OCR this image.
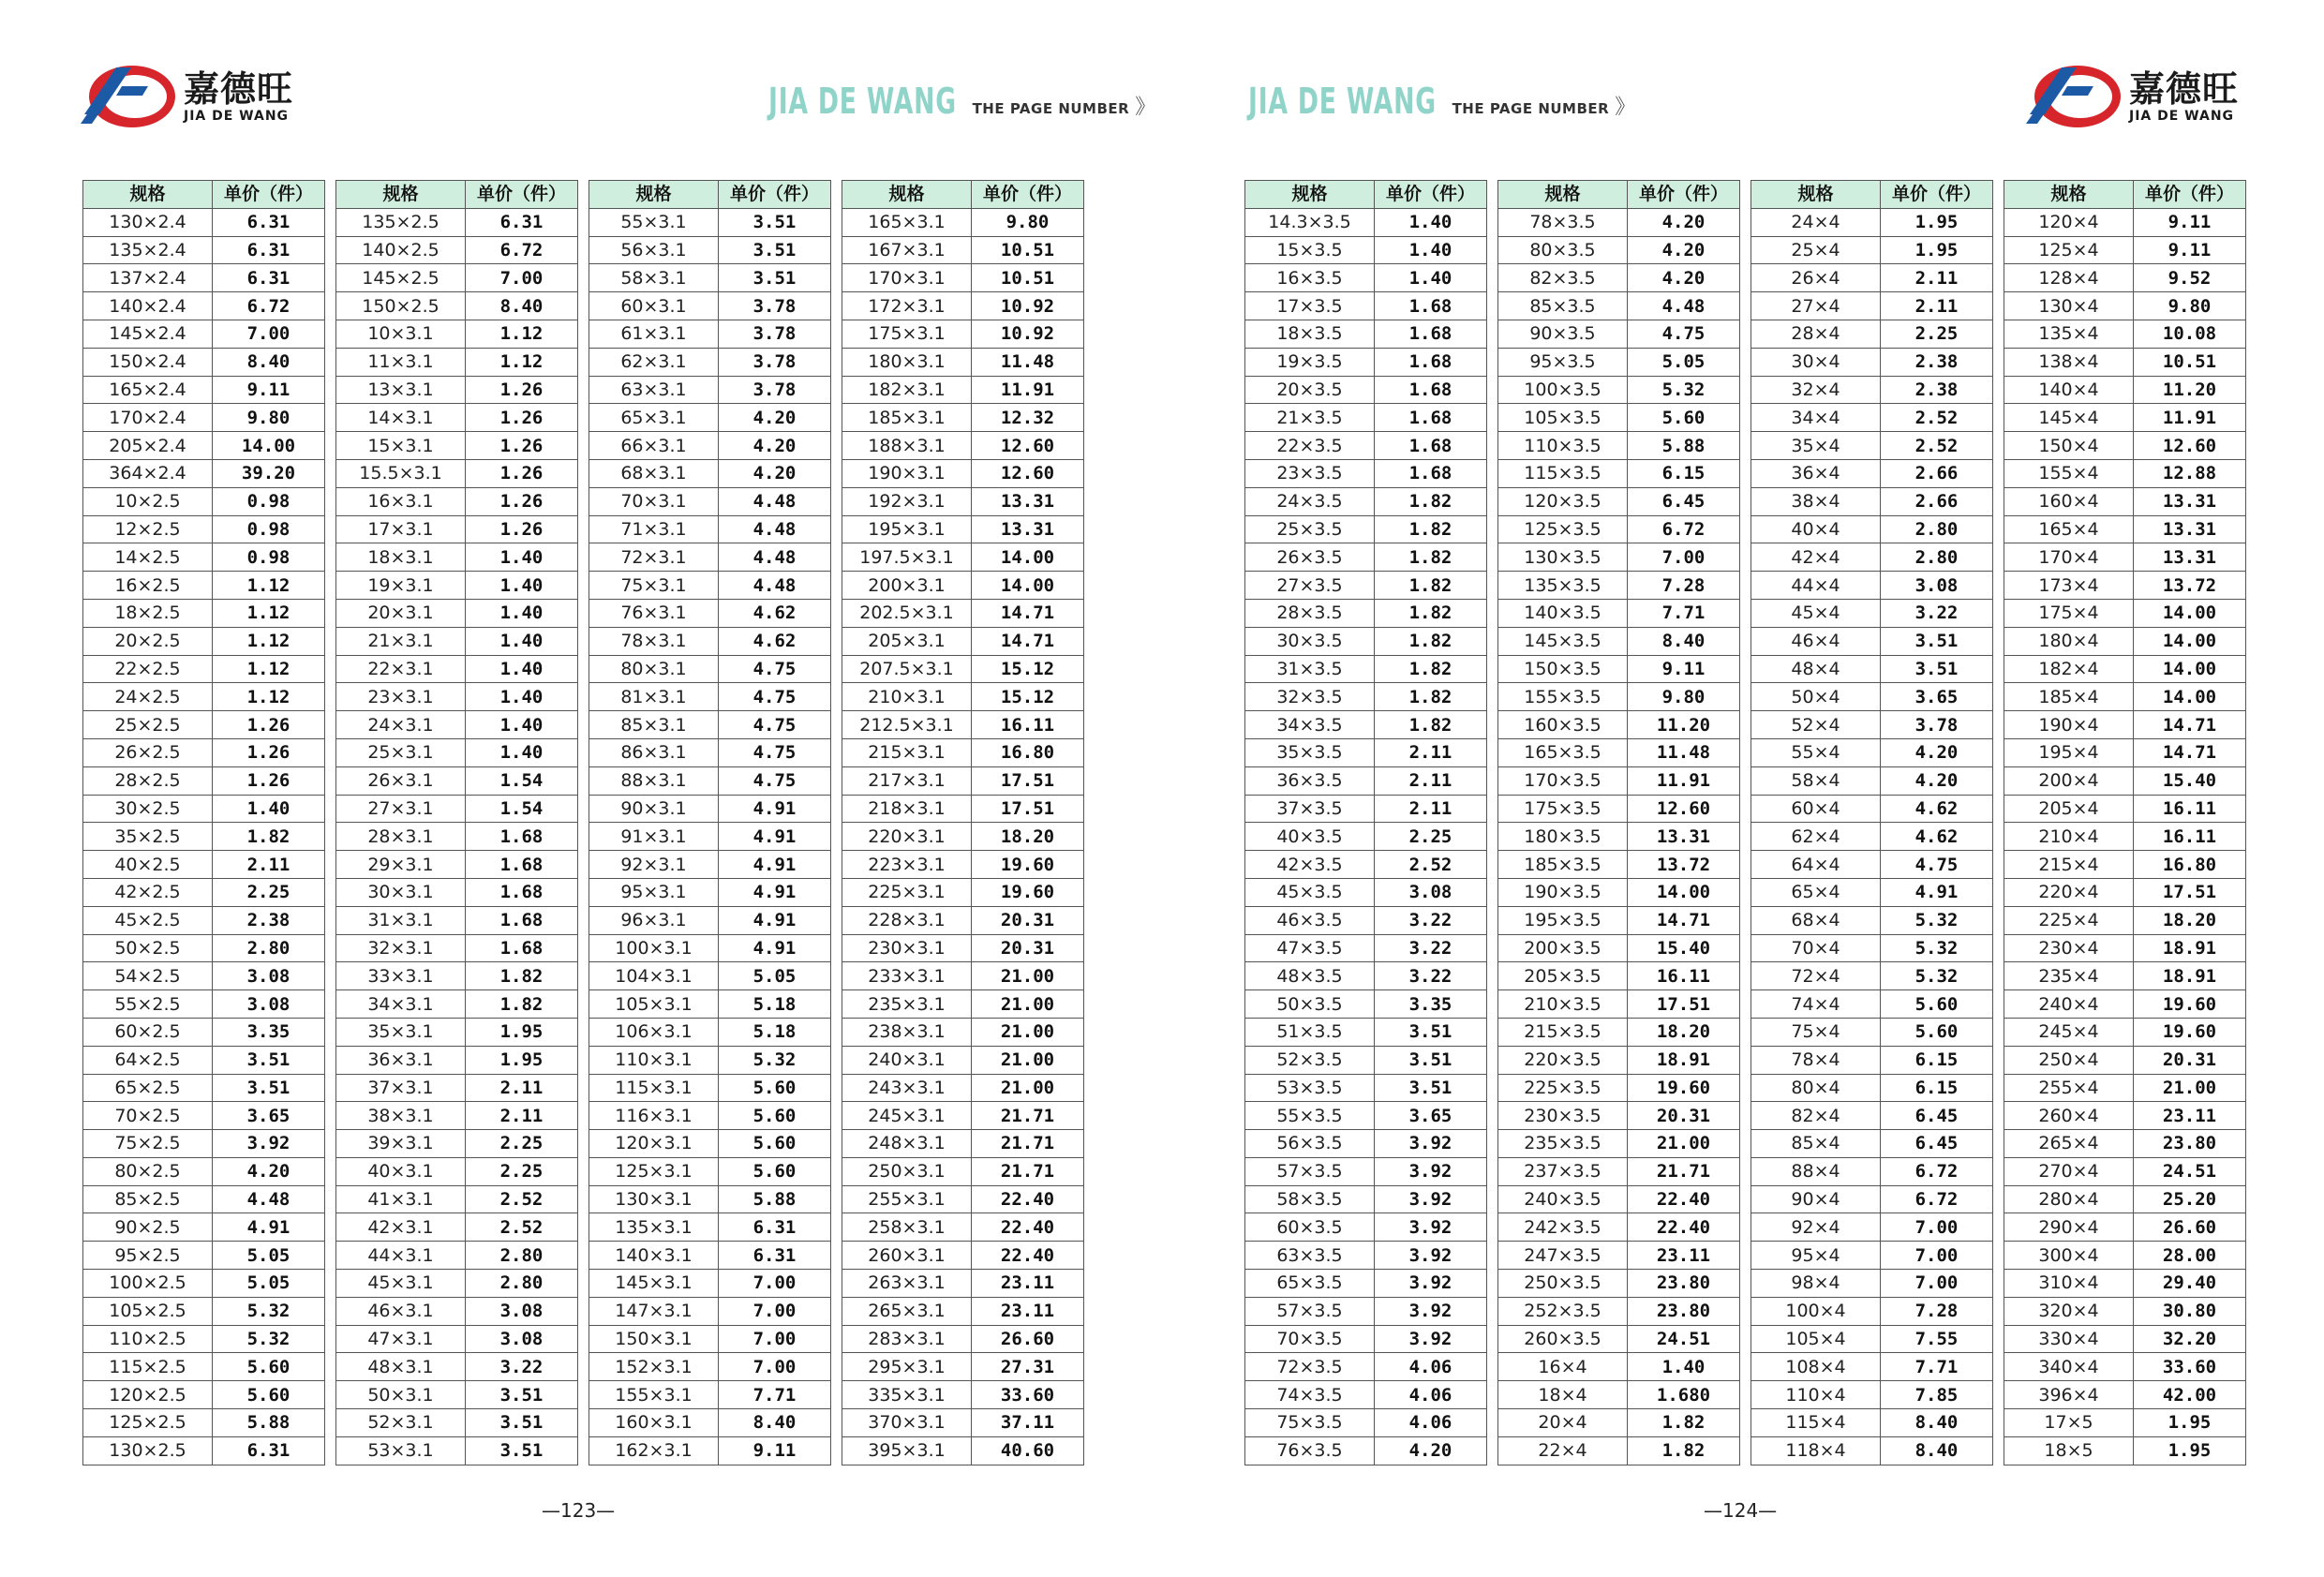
嘉德旺
JIA DE WANG	JIA DE WANG THE PAGE NUMBER 》
规格	单价（件）
130×2.4	6.31
135×2.4	6.31
137×2.4	6.31
140×2.4	6.72
145×2.4	7.00
150×2.4	8.40
165×2.4	9.11
170×2.4	9.80
205×2.4	14.00
364×2.4	39.20
10×2.5	0.98
12×2.5	0.98
14×2.5	0.98
16×2.5	1.12
18×2.5	1.12
20×2.5	1.12
22×2.5	1.12
24×2.5	1.12
25×2.5	1.26
26×2.5	1.26
28×2.5	1.26
30×2.5	1.40
35×2.5	1.82
40×2.5	2.11
42×2.5	2.25
45×2.5	2.38
50×2.5	2.80
54×2.5	3.08
55×2.5	3.08
60×2.5	3.35
64×2.5	3.51
65×2.5	3.51
70×2.5	3.65
75×2.5	3.92
80×2.5	4.20
85×2.5	4.48
90×2.5	4.91
95×2.5	5.05
100×2.5	5.05
105×2.5	5.32
110×2.5	5.32
115×2.5	5.60
120×2.5	5.60
125×2.5	5.88
130×2.5	6.31
规格	单价（件）
135×2.5	6.31
140×2.5	6.72
145×2.5	7.00
150×2.5	8.40
10×3.1	1.12
11×3.1	1.12
13×3.1	1.26
14×3.1	1.26
15×3.1	1.26
15.5×3.1	1.26
16×3.1	1.26
17×3.1	1.26
18×3.1	1.40
19×3.1	1.40
20×3.1	1.40
21×3.1	1.40
22×3.1	1.40
23×3.1	1.40
24×3.1	1.40
25×3.1	1.40
26×3.1	1.54
27×3.1	1.54
28×3.1	1.68
29×3.1	1.68
30×3.1	1.68
31×3.1	1.68
32×3.1	1.68
33×3.1	1.82
34×3.1	1.82
35×3.1	1.95
36×3.1	1.95
37×3.1	2.11
38×3.1	2.11
39×3.1	2.25
40×3.1	2.25
41×3.1	2.52
42×3.1	2.52
44×3.1	2.80
45×3.1	2.80
46×3.1	3.08
47×3.1	3.08
48×3.1	3.22
50×3.1	3.51
52×3.1	3.51
53×3.1	3.51
规格	单价（件）
55×3.1	3.51
56×3.1	3.51
58×3.1	3.51
60×3.1	3.78
61×3.1	3.78
62×3.1	3.78
63×3.1	3.78
65×3.1	4.20
66×3.1	4.20
68×3.1	4.20
70×3.1	4.48
71×3.1	4.48
72×3.1	4.48
75×3.1	4.48
76×3.1	4.62
78×3.1	4.62
80×3.1	4.75
81×3.1	4.75
85×3.1	4.75
86×3.1	4.75
88×3.1	4.75
90×3.1	4.91
91×3.1	4.91
92×3.1	4.91
95×3.1	4.91
96×3.1	4.91
100×3.1	4.91
104×3.1	5.05
105×3.1	5.18
106×3.1	5.18
110×3.1	5.32
115×3.1	5.60
116×3.1	5.60
120×3.1	5.60
125×3.1	5.60
130×3.1	5.88
135×3.1	6.31
140×3.1	6.31
145×3.1	7.00
147×3.1	7.00
150×3.1	7.00
152×3.1	7.00
155×3.1	7.71
160×3.1	8.40
162×3.1	9.11
规格	单价（件）
165×3.1	9.80
167×3.1	10.51
170×3.1	10.51
172×3.1	10.92
175×3.1	10.92
180×3.1	11.48
182×3.1	11.91
185×3.1	12.32
188×3.1	12.60
190×3.1	12.60
192×3.1	13.31
195×3.1	13.31
197.5×3.1	14.00
200×3.1	14.00
202.5×3.1	14.71
205×3.1	14.71
207.5×3.1	15.12
210×3.1	15.12
212.5×3.1	16.11
215×3.1	16.80
217×3.1	17.51
218×3.1	17.51
220×3.1	18.20
223×3.1	19.60
225×3.1	19.60
228×3.1	20.31
230×3.1	20.31
233×3.1	21.00
235×3.1	21.00
238×3.1	21.00
240×3.1	21.00
243×3.1	21.00
245×3.1	21.71
248×3.1	21.71
250×3.1	21.71
255×3.1	22.40
258×3.1	22.40
260×3.1	22.40
263×3.1	23.11
265×3.1	23.11
283×3.1	26.60
295×3.1	27.31
335×3.1	33.60
370×3.1	37.11
395×3.1	40.60
—123—
JIA DE WANG THE PAGE NUMBER 》	嘉德旺
JIA DE WANG
规格	单价（件）
14.3×3.5	1.40
15×3.5	1.40
16×3.5	1.40
17×3.5	1.68
18×3.5	1.68
19×3.5	1.68
20×3.5	1.68
21×3.5	1.68
22×3.5	1.68
23×3.5	1.68
24×3.5	1.82
25×3.5	1.82
26×3.5	1.82
27×3.5	1.82
28×3.5	1.82
30×3.5	1.82
31×3.5	1.82
32×3.5	1.82
34×3.5	1.82
35×3.5	2.11
36×3.5	2.11
37×3.5	2.11
40×3.5	2.25
42×3.5	2.52
45×3.5	3.08
46×3.5	3.22
47×3.5	3.22
48×3.5	3.22
50×3.5	3.35
51×3.5	3.51
52×3.5	3.51
53×3.5	3.51
55×3.5	3.65
56×3.5	3.92
57×3.5	3.92
58×3.5	3.92
60×3.5	3.92
63×3.5	3.92
65×3.5	3.92
57×3.5	3.92
70×3.5	3.92
72×3.5	4.06
74×3.5	4.06
75×3.5	4.06
76×3.5	4.20
规格	单价（件）
78×3.5	4.20
80×3.5	4.20
82×3.5	4.20
85×3.5	4.48
90×3.5	4.75
95×3.5	5.05
100×3.5	5.32
105×3.5	5.60
110×3.5	5.88
115×3.5	6.15
120×3.5	6.45
125×3.5	6.72
130×3.5	7.00
135×3.5	7.28
140×3.5	7.71
145×3.5	8.40
150×3.5	9.11
155×3.5	9.80
160×3.5	11.20
165×3.5	11.48
170×3.5	11.91
175×3.5	12.60
180×3.5	13.31
185×3.5	13.72
190×3.5	14.00
195×3.5	14.71
200×3.5	15.40
205×3.5	16.11
210×3.5	17.51
215×3.5	18.20
220×3.5	18.91
225×3.5	19.60
230×3.5	20.31
235×3.5	21.00
237×3.5	21.71
240×3.5	22.40
242×3.5	22.40
247×3.5	23.11
250×3.5	23.80
252×3.5	23.80
260×3.5	24.51
16×4	1.40
18×4	1.680
20×4	1.82
22×4	1.82
规格	单价（件）
24×4	1.95
25×4	1.95
26×4	2.11
27×4	2.11
28×4	2.25
30×4	2.38
32×4	2.38
34×4	2.52
35×4	2.52
36×4	2.66
38×4	2.66
40×4	2.80
42×4	2.80
44×4	3.08
45×4	3.22
46×4	3.51
48×4	3.51
50×4	3.65
52×4	3.78
55×4	4.20
58×4	4.20
60×4	4.62
62×4	4.62
64×4	4.75
65×4	4.91
68×4	5.32
70×4	5.32
72×4	5.32
74×4	5.60
75×4	5.60
78×4	6.15
80×4	6.15
82×4	6.45
85×4	6.45
88×4	6.72
90×4	6.72
92×4	7.00
95×4	7.00
98×4	7.00
100×4	7.28
105×4	7.55
108×4	7.71
110×4	7.85
115×4	8.40
118×4	8.40
规格	单价（件）
120×4	9.11
125×4	9.11
128×4	9.52
130×4	9.80
135×4	10.08
138×4	10.51
140×4	11.20
145×4	11.91
150×4	12.60
155×4	12.88
160×4	13.31
165×4	13.31
170×4	13.31
173×4	13.72
175×4	14.00
180×4	14.00
182×4	14.00
185×4	14.00
190×4	14.71
195×4	14.71
200×4	15.40
205×4	16.11
210×4	16.11
215×4	16.80
220×4	17.51
225×4	18.20
230×4	18.91
235×4	18.91
240×4	19.60
245×4	19.60
250×4	20.31
255×4	21.00
260×4	23.11
265×4	23.80
270×4	24.51
280×4	25.20
290×4	26.60
300×4	28.00
310×4	29.40
320×4	30.80
330×4	32.20
340×4	33.60
396×4	42.00
17×5	1.95
18×5	1.95
—124—
